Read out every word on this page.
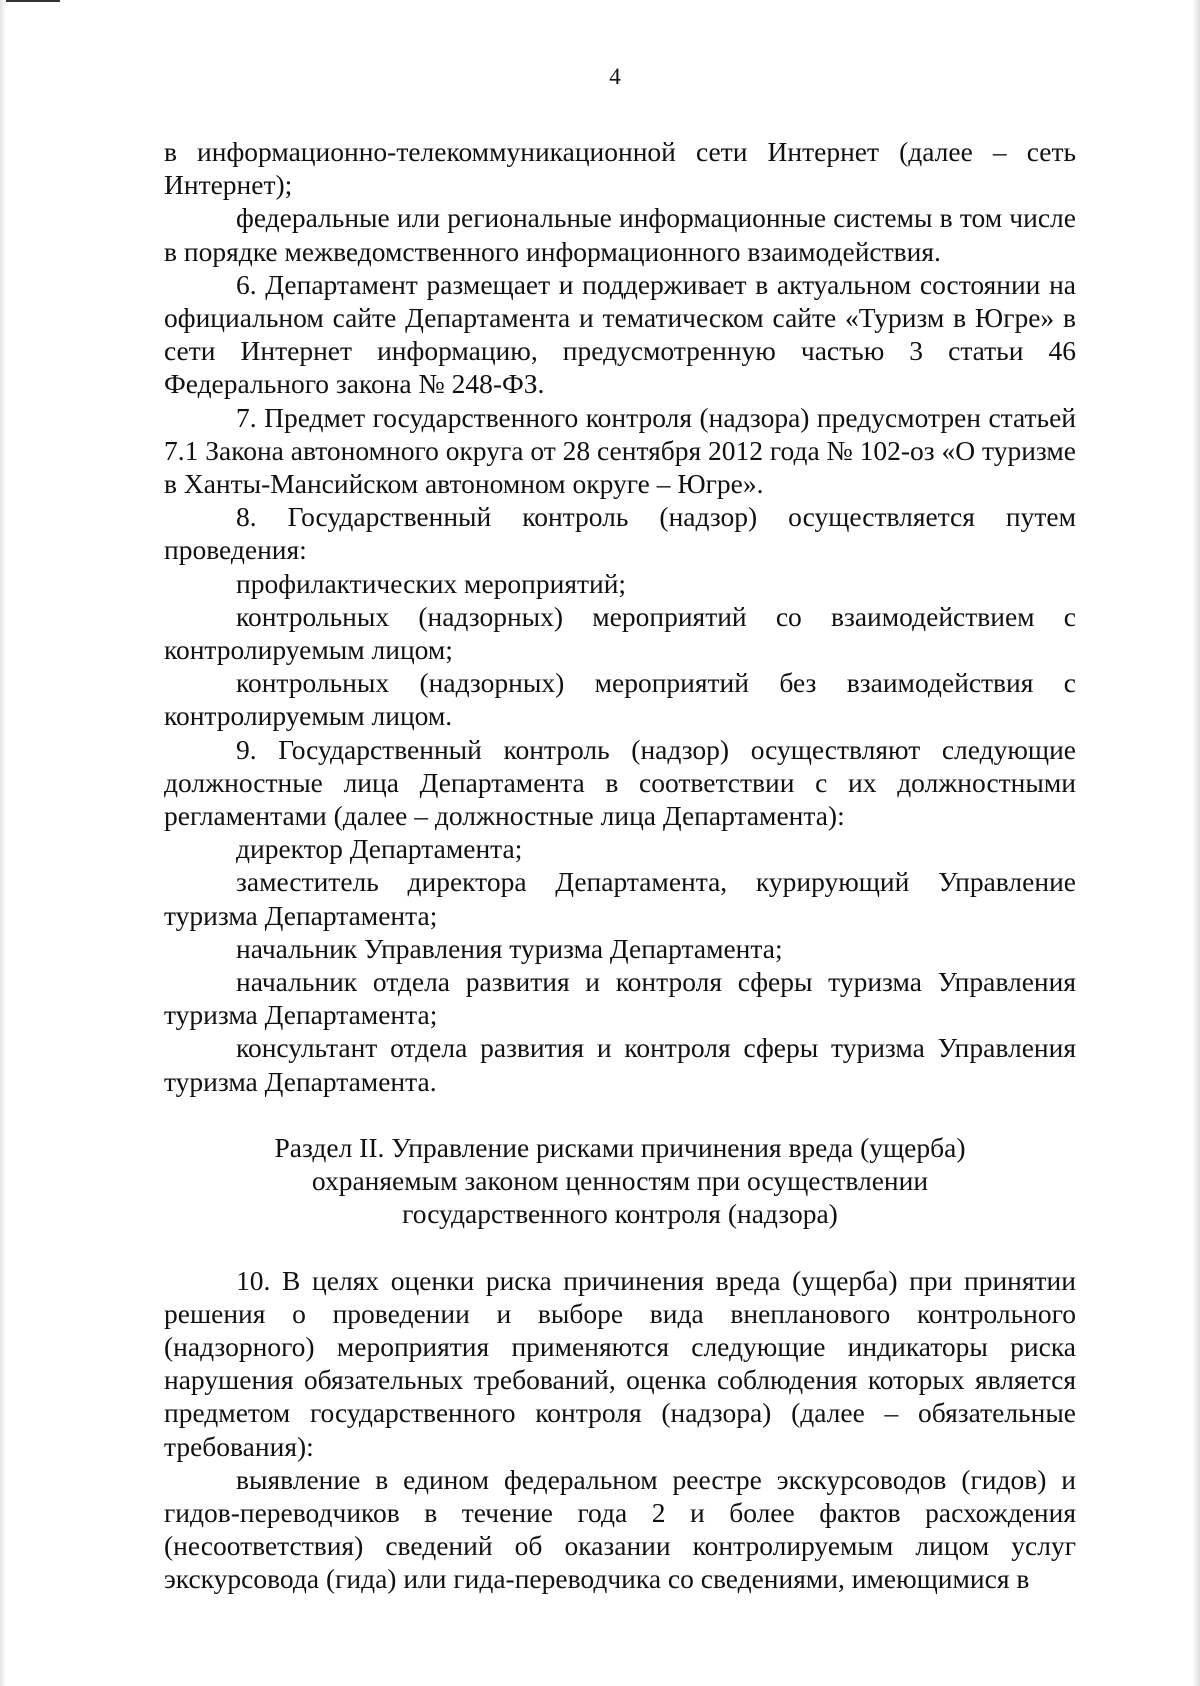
4

в информационно-телекоммуникационной сети Интернет (далее – сеть Интернет);

федеральные или региональные информационные системы в том числе в порядке межведомственного информационного взаимодействия.

6. Департамент размещает и поддерживает в актуальном состоянии на официальном сайте Департамента и тематическом сайте «Туризм в Югре» в сети Интернет информацию, предусмотренную частью 3 статьи 46 Федерального закона № 248-ФЗ.

7. Предмет государственного контроля (надзора) предусмотрен статьей 7.1 Закона автономного округа от 28 сентября 2012 года № 102-оз «О туризме в Ханты-Мансийском автономном округе – Югре».

8. Государственный контроль (надзор) осуществляется путем проведения:

профилактических мероприятий;

контрольных (надзорных) мероприятий со взаимодействием с контролируемым лицом;

контрольных (надзорных) мероприятий без взаимодействия с контролируемым лицом.

9. Государственный контроль (надзор) осуществляют следующие должностные лица Департамента в соответствии с их должностными регламентами (далее – должностные лица Департамента):

директор Департамента;

заместитель директора Департамента, курирующий Управление туризма Департамента;

начальник Управления туризма Департамента;

начальник отдела развития и контроля сферы туризма Управления туризма Департамента;

консультант отдела развития и контроля сферы туризма Управления туризма Департамента.

Раздел II. Управление рисками причинения вреда (ущерба)
охраняемым законом ценностям при осуществлении
государственного контроля (надзора)

10. В целях оценки риска причинения вреда (ущерба) при принятии решения о проведении и выборе вида внепланового контрольного (надзорного) мероприятия применяются следующие индикаторы риска нарушения обязательных требований, оценка соблюдения которых является предметом государственного контроля (надзора) (далее – обязательные требования):

выявление в едином федеральном реестре экскурсоводов (гидов) и гидов-переводчиков в течение года 2 и более фактов расхождения (несоответствия) сведений об оказании контролируемым лицом услуг экскурсовода (гида) или гида-переводчика со сведениями, имеющимися в
